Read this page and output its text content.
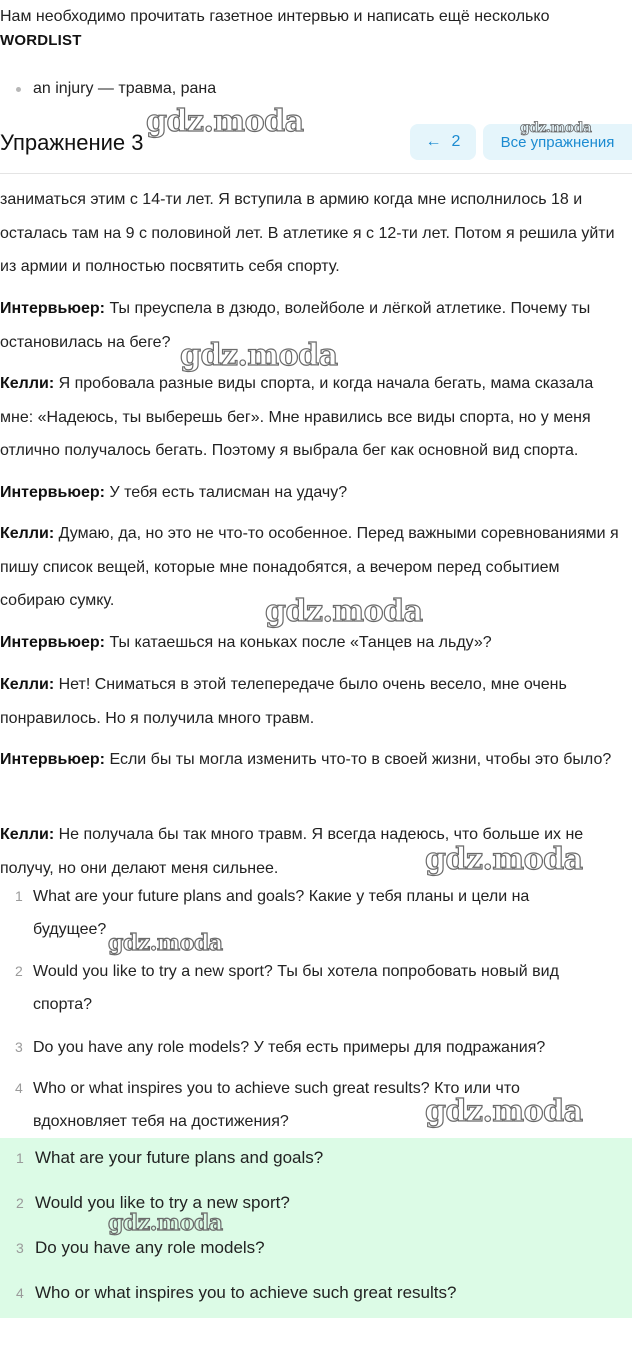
Нам необходимо прочитать газетное интервью и написать ещё несколько
WORDLIST
an injury — травма, рана
Упражнение 3	← 2	Все упражнения
заниматься этим с 14-ти лет. Я вступила в армию когда мне исполнилось 18 и осталась там на 9 с половиной лет. В атлетике я с 12-ти лет. Потом я решила уйти из армии и полностью посвятить себя спорту.
Интервьюер: Ты преуспела в дзюдо, волейболе и лёгкой атлетике. Почему ты остановилась на беге?
Келли: Я пробовала разные виды спорта, и когда начала бегать, мама сказала мне: «Надеюсь, ты выберешь бег». Мне нравились все виды спорта, но у меня отлично получалось бегать. Поэтому я выбрала бег как основной вид спорта.
Интервьюер: У тебя есть талисман на удачу?
Келли: Думаю, да, но это не что-то особенное. Перед важными соревнованиями я пишу список вещей, которые мне понадобятся, а вечером перед событием собираю сумку.
Интервьюер: Ты катаешься на коньках после «Танцев на льду»?
Келли: Нет! Сниматься в этой телепередаче было очень весело, мне очень понравилось. Но я получила много травм.
Интервьюер: Если бы ты могла изменить что-то в своей жизни, чтобы это было?
Келли: Не получала бы так много травм. Я всегда надеюсь, что больше их не получу, но они делают меня сильнее.
1 What are your future plans and goals? Какие у тебя планы и цели на будущее?
2 Would you like to try a new sport? Ты бы хотела попробовать новый вид спорта?
3 Do you have any role models? У тебя есть примеры для подражания?
4 Who or what inspires you to achieve such great results? Кто или что вдохновляет тебя на достижения?
1 What are your future plans and goals?
2 Would you like to try a new sport?
3 Do you have any role models?
4 Who or what inspires you to achieve such great results?
gdz.moda	gdz.moda
gdz.moda
gdz.moda
gdz.moda
gdz.moda
gdz.moda
gdz.moda
